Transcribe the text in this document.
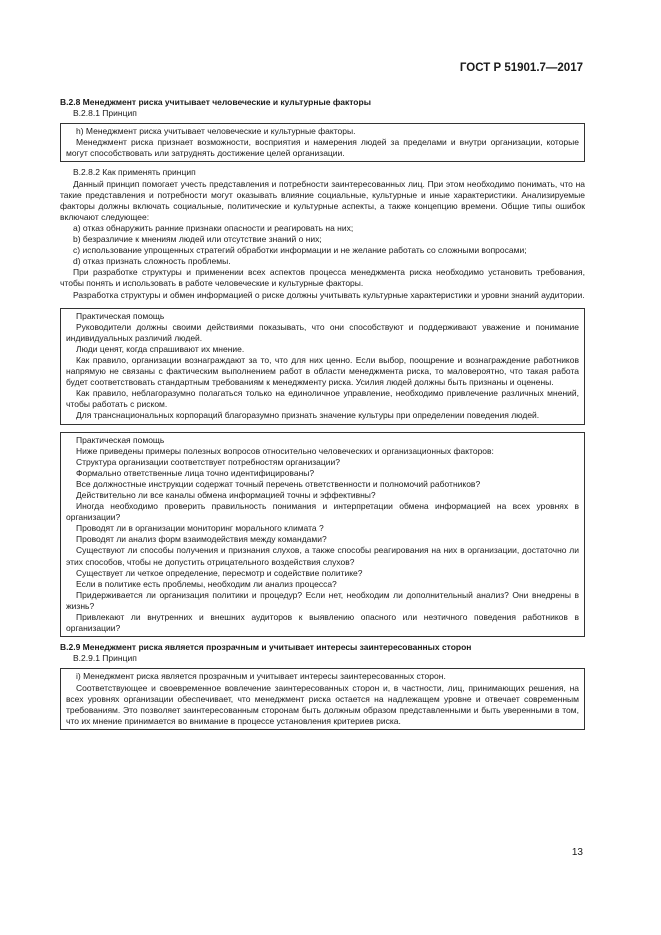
ГОСТ Р 51901.7—2017

B.2.8 Менеджмент риска учитывает человеческие и культурные факторы

B.2.8.1 Принцип

h) Менеджмент риска учитывает человеческие и культурные факторы.

Менеджмент риска признает возможности, восприятия и намерения людей за пределами и внутри организации, которые могут способствовать или затруднять достижение целей организации.

B.2.8.2 Как применять принцип

Данный принцип помогает учесть представления и потребности заинтересованных лиц. При этом необходимо понимать, что на такие представления и потребности могут оказывать влияние социальные, культурные и иные характеристики. Анализируемые факторы должны включать социальные, политические и культурные аспекты, а также концепцию времени. Общие типы ошибок включают следующее:

a) отказ обнаружить ранние признаки опасности и реагировать на них;

b) безразличие к мнениям людей или отсутствие знаний о них;

c) использование упрощенных стратегий обработки информации и не желание работать со сложными вопросами;

d) отказ признать сложность проблемы.

При разработке структуры и применении всех аспектов процесса менеджмента риска необходимо установить требования, чтобы понять и использовать в работе человеческие и культурные факторы.

Разработка структуры и обмен информацией о риске должны учитывать культурные характеристики и уровни знаний аудитории.

Практическая помощь

Руководители должны своими действиями показывать, что они способствуют и поддерживают уважение и понимание индивидуальных различий людей.

Люди ценят, когда спрашивают их мнение.

Как правило, организации вознаграждают за то, что для них ценно. Если выбор, поощрение и вознаграждение работников напрямую не связаны с фактическим выполнением работ в области менеджмента риска, то маловероятно, что такая работа будет соответствовать стандартным требованиям к менеджменту риска. Усилия людей должны быть признаны и оценены.

Как правило, неблагоразумно полагаться только на единоличное управление, необходимо привлечение различных мнений, чтобы работать с риском.

Для транснациональных корпораций благоразумно признать значение культуры при определении поведения людей.

Практическая помощь

Ниже приведены примеры полезных вопросов относительно человеческих и организационных факторов:

Структура организации соответствует потребностям организации?

Формально ответственные лица точно идентифицированы?

Все должностные инструкции содержат точный перечень ответственности и полномочий работников?

Действительно ли все каналы обмена информацией точны и эффективны?

Иногда необходимо проверить правильность понимания и интерпретации обмена информацией на всех уровнях в организации?

Проводят ли в организации мониторинг морального климата ?

Проводят ли анализ форм взаимодействия между командами?

Существуют ли способы получения и признания слухов, а также способы реагирования на них в организации, достаточно ли этих способов, чтобы не допустить отрицательного воздействия слухов?

Существует ли четкое определение, пересмотр и содействие политике?

Если в политике есть проблемы, необходим ли анализ процесса?

Придерживается ли организация политики и процедур? Если нет, необходим ли дополнительный анализ? Они внедрены в жизнь?

Привлекают ли внутренних и внешних аудиторов к выявлению опасного или неэтичного поведения работников в организации?

B.2.9 Менеджмент риска является прозрачным и учитывает интересы заинтересованных сторон

B.2.9.1 Принцип

i) Менеджмент риска является прозрачным и учитывает интересы заинтересованных сторон.

Соответствующее и своевременное вовлечение заинтересованных сторон и, в частности, лиц, принимающих решения, на всех уровнях организации обеспечивает, что менеджмент риска остается на надлежащем уровне и отвечает современным требованиям. Это позволяет заинтересованным сторонам быть должным образом представленными и быть уверенными в том, что их мнение принимается во внимание в процессе установления критериев риска.

13
